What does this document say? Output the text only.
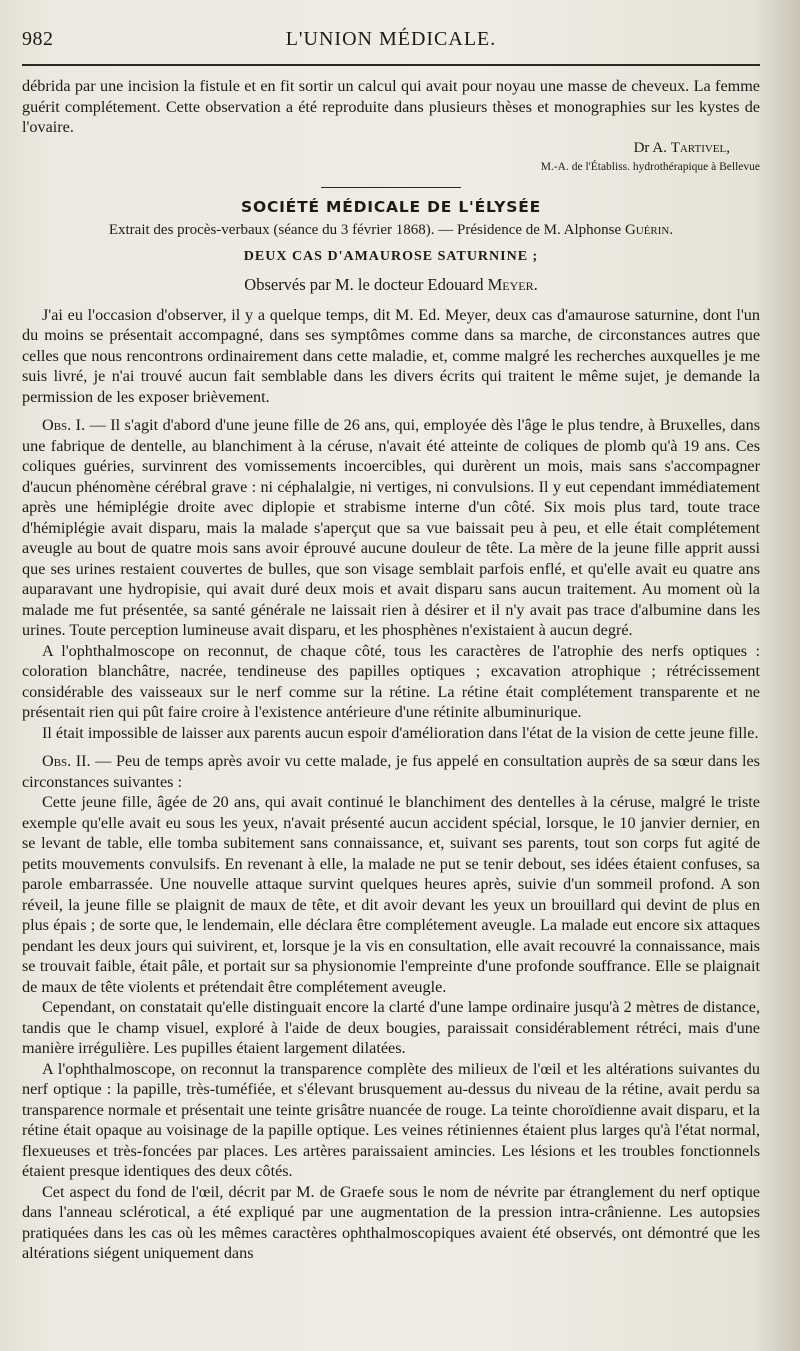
982	L'UNION MÉDICALE.

débrida par une incision la fistule et en fit sortir un calcul qui avait pour noyau une masse de cheveux. La femme guérit complétement. Cette observation a été reproduite dans plusieurs thèses et monographies sur les kystes de l'ovaire.

Dr A. Tartivel,
M.-A. de l'Établiss. hydrothérapique à Bellevue
SOCIÉTÉ MÉDICALE DE L'ÉLYSÉE
Extrait des procès-verbaux (séance du 3 février 1868). — Présidence de M. Alphonse Guérin.
DEUX CAS D'AMAUROSE SATURNINE ;
Observés par M. le docteur Edouard Meyer.

J'ai eu l'occasion d'observer, il y a quelque temps, dit M. Ed. Meyer, deux cas d'amaurose saturnine, dont l'un du moins se présentait accompagné, dans ses symptômes comme dans sa marche, de circonstances autres que celles que nous rencontrons ordinairement dans cette maladie, et, comme malgré les recherches auxquelles je me suis livré, je n'ai trouvé aucun fait semblable dans les divers écrits qui traitent le même sujet, je demande la permission de les exposer brièvement.

Obs. I. — Il s'agit d'abord d'une jeune fille de 26 ans, qui, employée dès l'âge le plus tendre, à Bruxelles, dans une fabrique de dentelle, au blanchiment à la céruse, n'avait été atteinte de coliques de plomb qu'à 19 ans. Ces coliques guéries, survinrent des vomissements incoercibles, qui durèrent un mois, mais sans s'accompagner d'aucun phénomène cérébral grave : ni céphalalgie, ni vertiges, ni convulsions. Il y eut cependant immédiatement après une hémiplégie droite avec diplopie et strabisme interne d'un côté. Six mois plus tard, toute trace d'hémiplégie avait disparu, mais la malade s'aperçut que sa vue baissait peu à peu, et elle était complétement aveugle au bout de quatre mois sans avoir éprouvé aucune douleur de tête. La mère de la jeune fille apprit aussi que ses urines restaient couvertes de bulles, que son visage semblait parfois enflé, et qu'elle avait eu quatre ans auparavant une hydropisie, qui avait duré deux mois et avait disparu sans aucun traitement. Au moment où la malade me fut présentée, sa santé générale ne laissait rien à désirer et il n'y avait pas trace d'albumine dans les urines. Toute perception lumineuse avait disparu, et les phosphènes n'existaient à aucun degré.

A l'ophthalmoscope on reconnut, de chaque côté, tous les caractères de l'atrophie des nerfs optiques : coloration blanchâtre, nacrée, tendineuse des papilles optiques ; excavation atrophique ; rétrécissement considérable des vaisseaux sur le nerf comme sur la rétine. La rétine était complétement transparente et ne présentait rien qui pût faire croire à l'existence antérieure d'une rétinite albuminurique.

Il était impossible de laisser aux parents aucun espoir d'amélioration dans l'état de la vision de cette jeune fille.

Obs. II. — Peu de temps après avoir vu cette malade, je fus appelé en consultation auprès de sa sœur dans les circonstances suivantes :

Cette jeune fille, âgée de 20 ans, qui avait continué le blanchiment des dentelles à la céruse, malgré le triste exemple qu'elle avait eu sous les yeux, n'avait présenté aucun accident spécial, lorsque, le 10 janvier dernier, en se levant de table, elle tomba subitement sans connaissance, et, suivant ses parents, tout son corps fut agité de petits mouvements convulsifs. En revenant à elle, la malade ne put se tenir debout, ses idées étaient confuses, sa parole embarrassée. Une nouvelle attaque survint quelques heures après, suivie d'un sommeil profond. A son réveil, la jeune fille se plaignit de maux de tête, et dit avoir devant les yeux un brouillard qui devint de plus en plus épais ; de sorte que, le lendemain, elle déclara être complétement aveugle. La malade eut encore six attaques pendant les deux jours qui suivirent, et, lorsque je la vis en consultation, elle avait recouvré la connaissance, mais se trouvait faible, était pâle, et portait sur sa physionomie l'empreinte d'une profonde souffrance. Elle se plaignait de maux de tête violents et prétendait être complétement aveugle.

Cependant, on constatait qu'elle distinguait encore la clarté d'une lampe ordinaire jusqu'à 2 mètres de distance, tandis que le champ visuel, exploré à l'aide de deux bougies, paraissait considérablement rétréci, mais d'une manière irrégulière. Les pupilles étaient largement dilatées.

A l'ophthalmoscope, on reconnut la transparence complète des milieux de l'œil et les altérations suivantes du nerf optique : la papille, très-tuméfiée, et s'élevant brusquement au-dessus du niveau de la rétine, avait perdu sa transparence normale et présentait une teinte grisâtre nuancée de rouge. La teinte choroïdienne avait disparu, et la rétine était opaque au voisinage de la papille optique. Les veines rétiniennes étaient plus larges qu'à l'état normal, flexueuses et très-foncées par places. Les artères paraissaient amincies. Les lésions et les troubles fonctionnels étaient presque identiques des deux côtés.

Cet aspect du fond de l'œil, décrit par M. de Graefe sous le nom de névrite par étranglement du nerf optique dans l'anneau sclérotical, a été expliqué par une augmentation de la pression intra-crânienne. Les autopsies pratiquées dans les cas où les mêmes caractères ophthalmoscopiques avaient été observés, ont démontré que les altérations siégent uniquement dans
